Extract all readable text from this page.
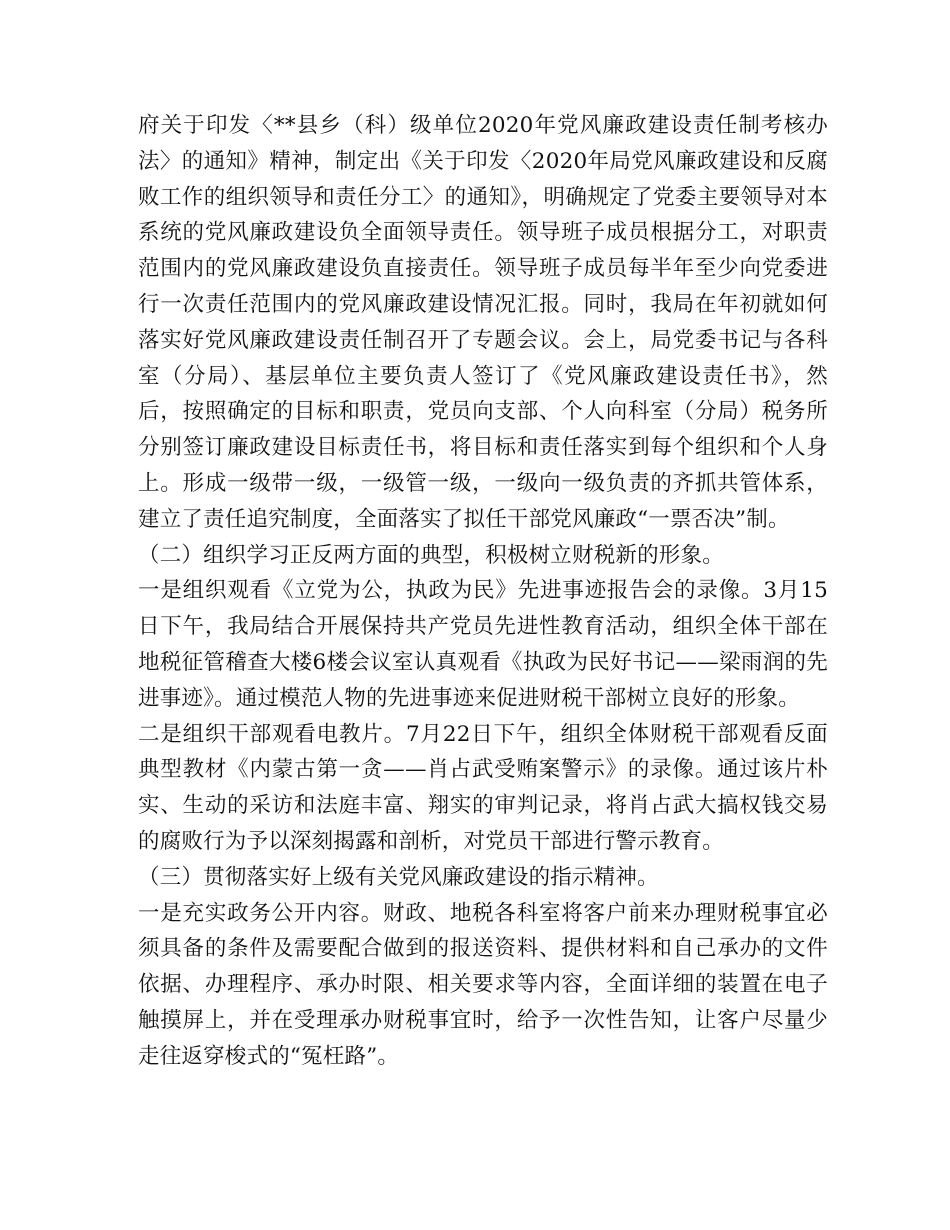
府关于印发〈**县乡（科）级单位2020年党风廉政建设责任制考核办法〉的通知》精神，制定出《关于印发〈2020年局党风廉政建设和反腐败工作的组织领导和责任分工〉的通知》，明确规定了党委主要领导对本系统的党风廉政建设负全面领导责任。领导班子成员根据分工，对职责范围内的党风廉政建设负直接责任。领导班子成员每半年至少向党委进行一次责任范围内的党风廉政建设情况汇报。同时，我局在年初就如何落实好党风廉政建设责任制召开了专题会议。会上，局党委书记与各科室（分局）、基层单位主要负责人签订了《党风廉政建设责任书》，然后，按照确定的目标和职责，党员向支部、个人向科室（分局）税务所分别签订廉政建设目标责任书，将目标和责任落实到每个组织和个人身上。形成一级带一级，一级管一级，一级向一级负责的齐抓共管体系，建立了责任追究制度，全面落实了拟任干部党风廉政“一票否决”制。

（二）组织学习正反两方面的典型，积极树立财税新的形象。

一是组织观看《立党为公，执政为民》先进事迹报告会的录像。3月15日下午，我局结合开展保持共产党员先进性教育活动，组织全体干部在地税征管稽查大楼6楼会议室认真观看《执政为民好书记——梁雨润的先进事迹》。通过模范人物的先进事迹来促进财税干部树立良好的形象。

二是组织干部观看电教片。7月22日下午，组织全体财税干部观看反面典型教材《内蒙古第一贪——肖占武受贿案警示》的录像。通过该片朴实、生动的采访和法庭丰富、翔实的审判记录，将肖占武大搞权钱交易的腐败行为予以深刻揭露和剖析，对党员干部进行警示教育。

（三）贯彻落实好上级有关党风廉政建设的指示精神。

一是充实政务公开内容。财政、地税各科室将客户前来办理财税事宜必须具备的条件及需要配合做到的报送资料、提供材料和自己承办的文件依据、办理程序、承办时限、相关要求等内容，全面详细的装置在电子触摸屏上，并在受理承办财税事宜时，给予一次性告知，让客户尽量少走往返穿梭式的“冤枉路”。
